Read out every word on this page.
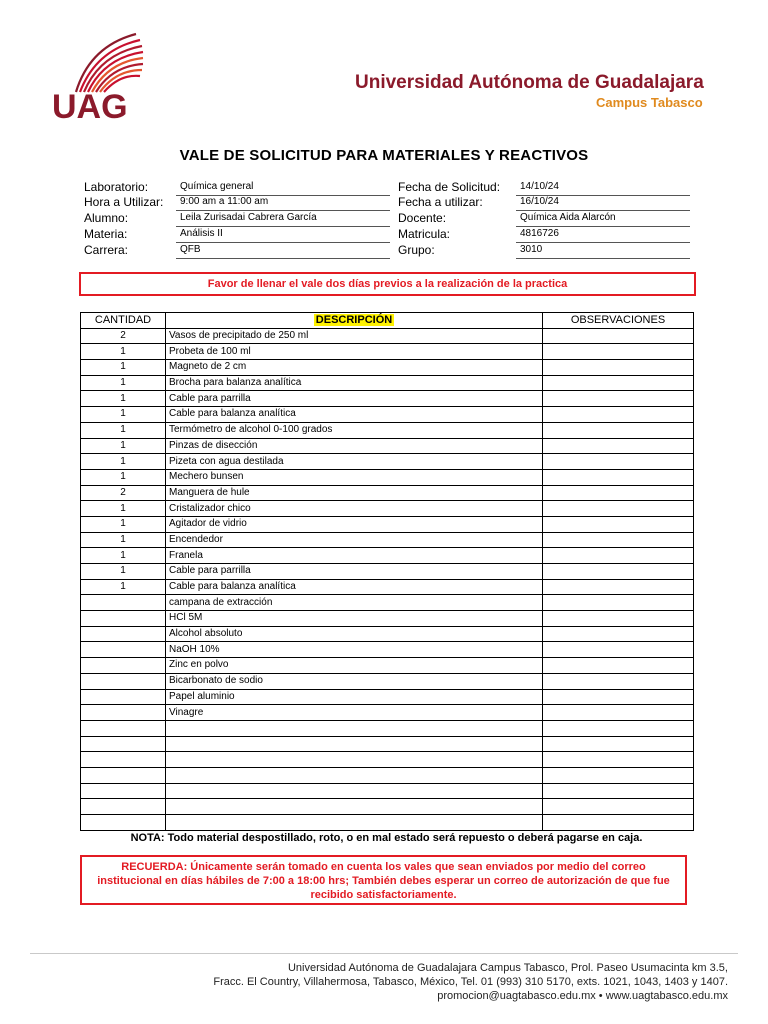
UAG
Universidad Autónoma de Guadalajara
Campus Tabasco
VALE DE SOLICITUD PARA MATERIALES Y REACTIVOS
Laboratorio:	Química general
Hora a Utilizar:	9:00 am a 11:00 am
Alumno:	Leila Zurisadai Cabrera García
Materia:	Análisis II
Carrera:	QFB
Fecha de Solicitud:	14/10/24
Fecha a utilizar:	16/10/24
Docente:	Química Aida Alarcón
Matricula:	4816726
Grupo:	3010
Favor de llenar el vale dos días previos a la realización de la practica
CANTIDAD	DESCRIPCIÓN	OBSERVACIONES
2	Vasos de precipitado de 250 ml	
1	Probeta de 100 ml	
1	Magneto de 2 cm	
1	Brocha para balanza analítica	
1	Cable para parrilla	
1	Cable para balanza analítica	
1	Termómetro de alcohol 0-100 grados	
1	Pinzas de disección	
1	Pizeta con agua destilada	
1	Mechero bunsen	
2	Manguera de hule	
1	Cristalizador chico	
1	Agitador de vidrio	
1	Encendedor	
1	Franela	
1	Cable para parrilla	
1	Cable para balanza analítica	
	campana de extracción	
	HCl 5M	
	Alcohol absoluto	
	NaOH 10%	
	Zinc en polvo	
	Bicarbonato de sodio	
	Papel aluminio	
	Vinagre	

NOTA: Todo material despostillado, roto, o en mal estado será repuesto o deberá pagarse en caja.
RECUERDA: Únicamente serán tomado en cuenta los vales que sean enviados por medio del correo institucional en días hábiles de 7:00 a 18:00 hrs; También debes esperar un correo de autorización de que fue recibido satisfactoriamente.
Universidad Autónoma de Guadalajara Campus Tabasco, Prol. Paseo Usumacinta km 3.5,
Fracc. El Country, Villahermosa, Tabasco, México, Tel. 01 (993) 310 5170, exts. 1021, 1043, 1403 y 1407.
promocion@uagtabasco.edu.mx • www.uagtabasco.edu.mx
